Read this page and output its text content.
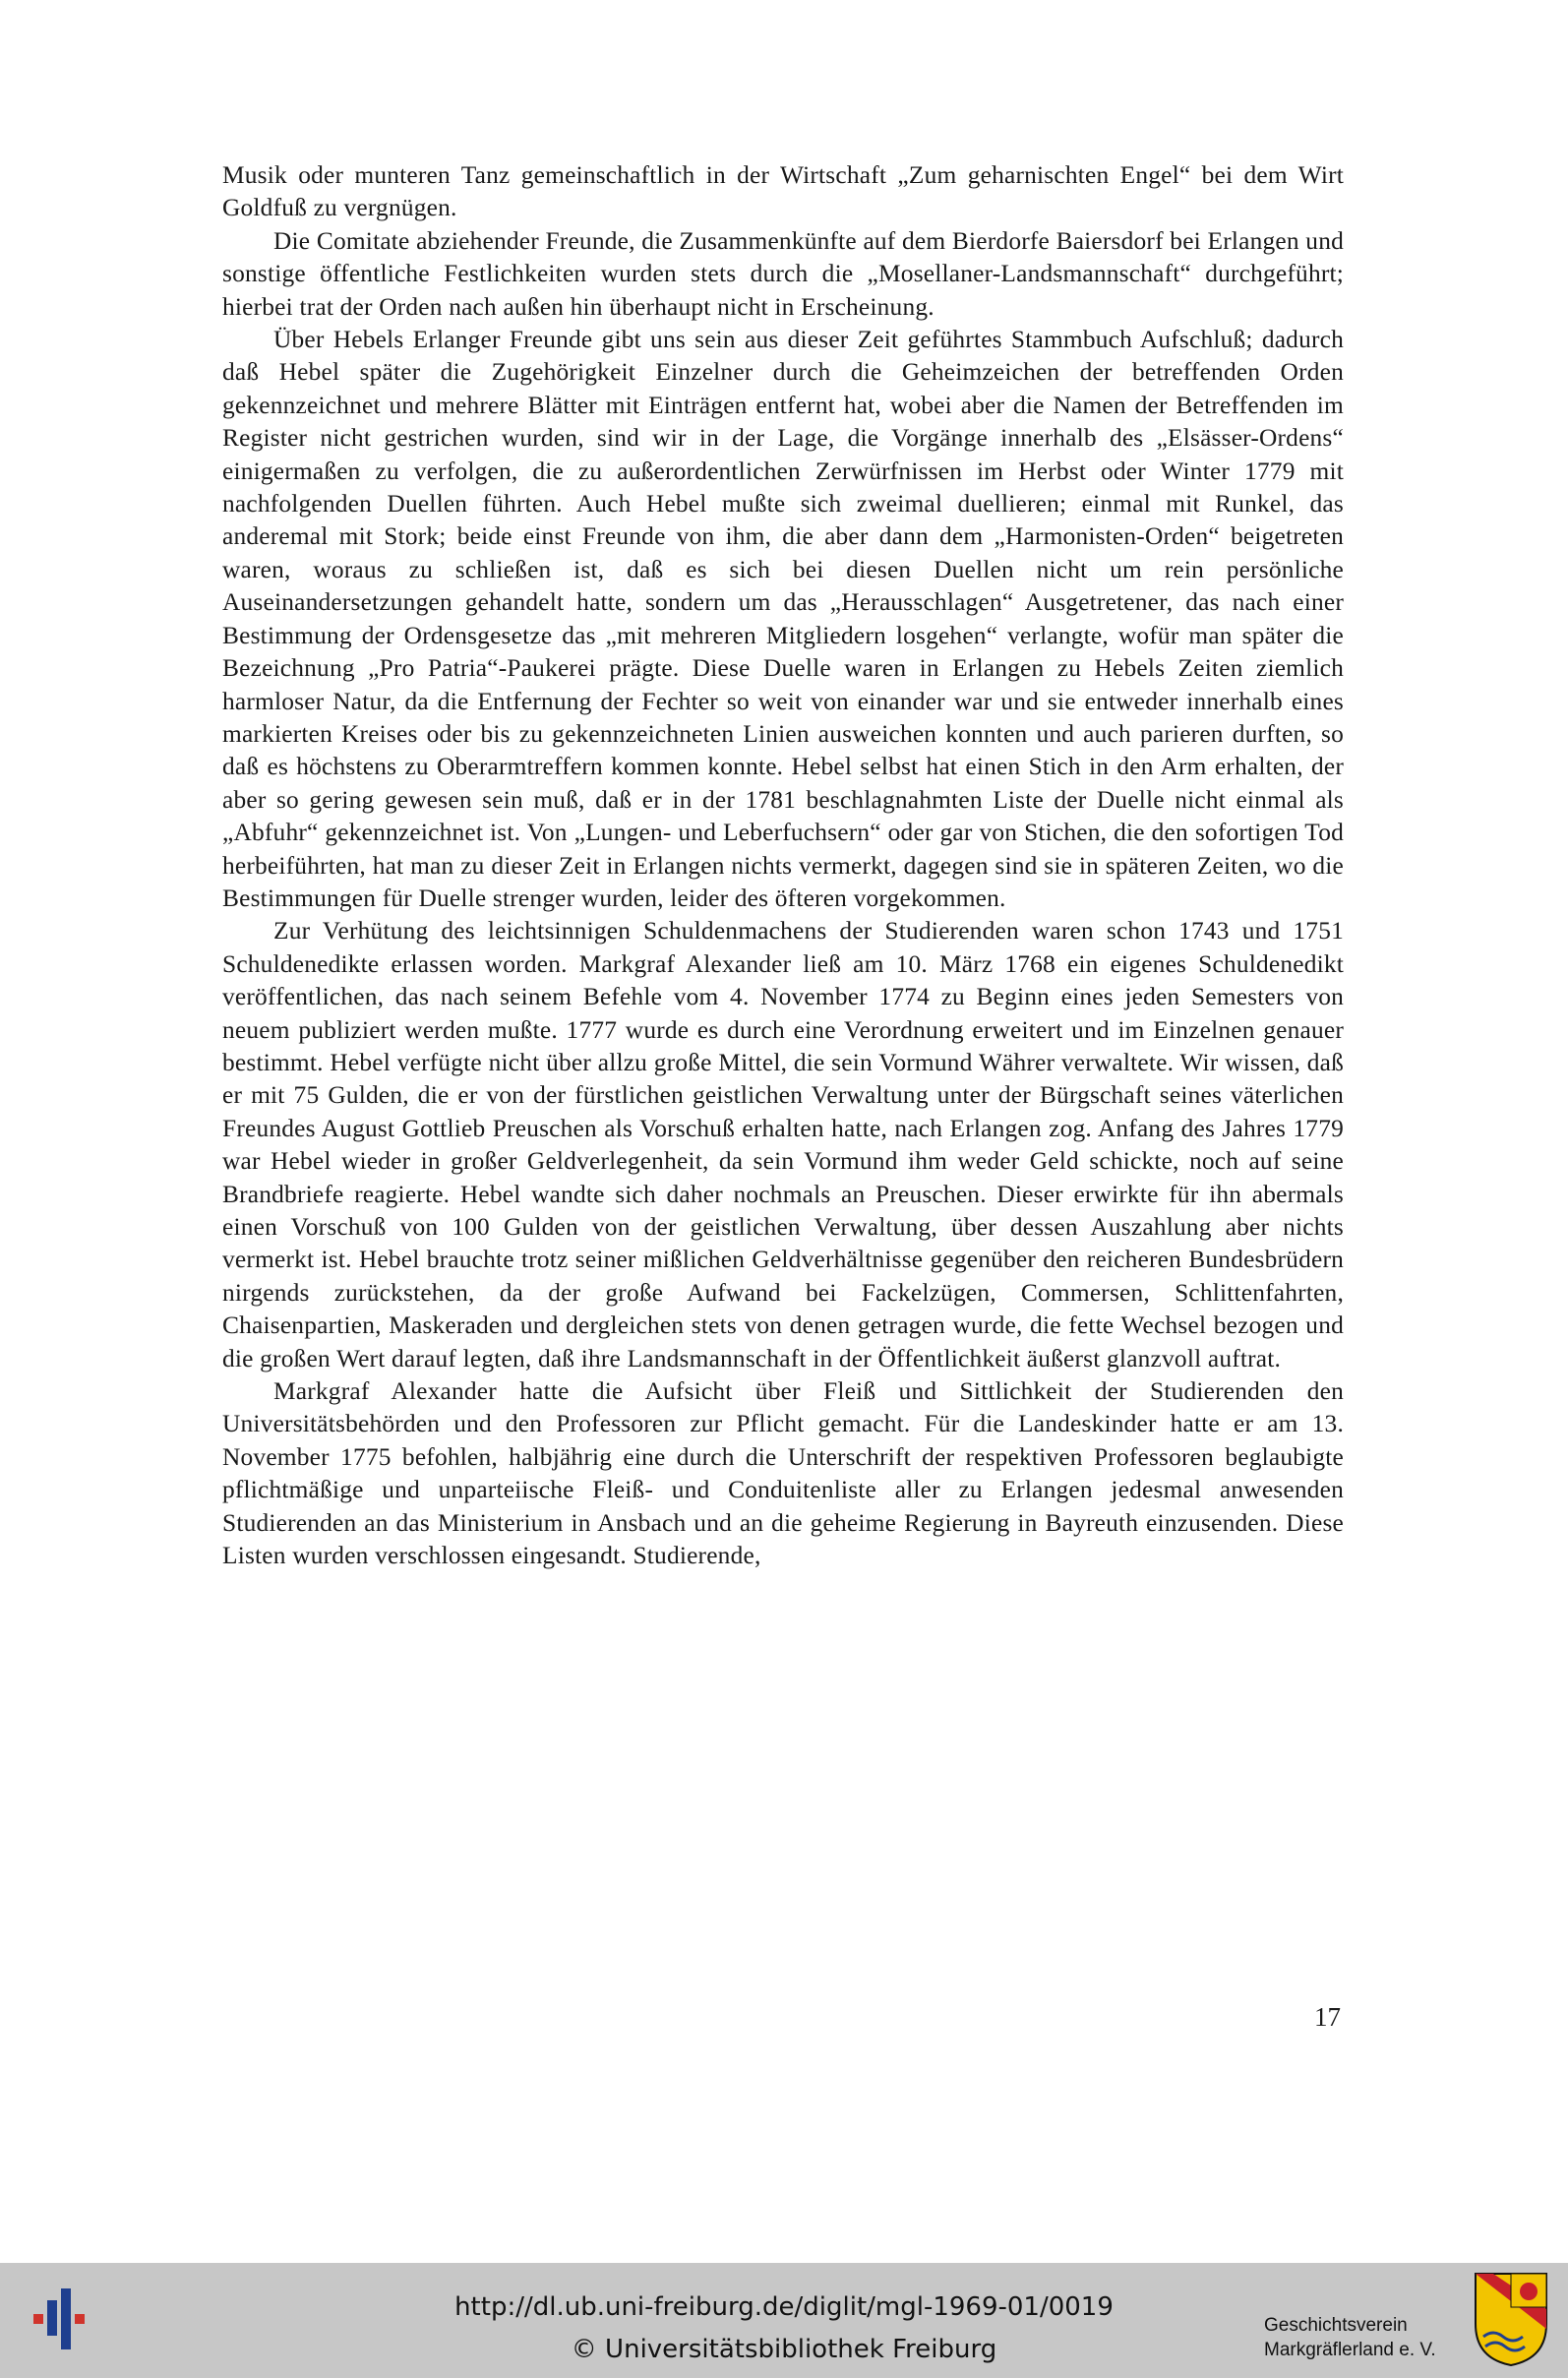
Musik oder munteren Tanz gemeinschaftlich in der Wirtschaft „Zum geharnischten Engel“ bei dem Wirt Goldfuß zu vergnügen.

Die Comitate abziehender Freunde, die Zusammenkünfte auf dem Bierdorfe Baiersdorf bei Erlangen und sonstige öffentliche Festlichkeiten wurden stets durch die „Mosellaner-Landsmannschaft“ durchgeführt; hierbei trat der Orden nach außen hin überhaupt nicht in Erscheinung.

Über Hebels Erlanger Freunde gibt uns sein aus dieser Zeit geführtes Stammbuch Aufschluß; dadurch daß Hebel später die Zugehörigkeit Einzelner durch die Geheimzeichen der betreffenden Orden gekennzeichnet und mehrere Blätter mit Einträgen entfernt hat, wobei aber die Namen der Betreffenden im Register nicht gestrichen wurden, sind wir in der Lage, die Vorgänge innerhalb des „Elsässer-Ordens“ einigermaßen zu verfolgen, die zu außerordentlichen Zerwürfnissen im Herbst oder Winter 1779 mit nachfolgenden Duellen führten. Auch Hebel mußte sich zweimal duellieren; einmal mit Runkel, das anderemal mit Stork; beide einst Freunde von ihm, die aber dann dem „Harmonisten-Orden“ beigetreten waren, woraus zu schließen ist, daß es sich bei diesen Duellen nicht um rein persönliche Auseinandersetzungen gehandelt hatte, sondern um das „Herausschlagen“ Ausgetretener, das nach einer Bestimmung der Ordensgesetze das „mit mehreren Mitgliedern losgehen“ verlangte, wofür man später die Bezeichnung „Pro Patria“-Paukerei prägte. Diese Duelle waren in Erlangen zu Hebels Zeiten ziemlich harmloser Natur, da die Entfernung der Fechter so weit von einander war und sie entweder innerhalb eines markierten Kreises oder bis zu gekennzeichneten Linien ausweichen konnten und auch parieren durften, so daß es höchstens zu Oberarmtreffern kommen konnte. Hebel selbst hat einen Stich in den Arm erhalten, der aber so gering gewesen sein muß, daß er in der 1781 beschlagnahmten Liste der Duelle nicht einmal als „Abfuhr“ gekennzeichnet ist. Von „Lungen- und Leberfuchsern“ oder gar von Stichen, die den sofortigen Tod herbeiführten, hat man zu dieser Zeit in Erlangen nichts vermerkt, dagegen sind sie in späteren Zeiten, wo die Bestimmungen für Duelle strenger wurden, leider des öfteren vorgekommen.

Zur Verhütung des leichtsinnigen Schuldenmachens der Studierenden waren schon 1743 und 1751 Schuldenedikte erlassen worden. Markgraf Alexander ließ am 10. März 1768 ein eigenes Schuldenedikt veröffentlichen, das nach seinem Befehle vom 4. November 1774 zu Beginn eines jeden Semesters von neuem publiziert werden mußte. 1777 wurde es durch eine Verordnung erweitert und im Einzelnen genauer bestimmt. Hebel verfügte nicht über allzu große Mittel, die sein Vormund Währer verwaltete. Wir wissen, daß er mit 75 Gulden, die er von der fürstlichen geistlichen Verwaltung unter der Bürgschaft seines väterlichen Freundes August Gottlieb Preuschen als Vorschuß erhalten hatte, nach Erlangen zog. Anfang des Jahres 1779 war Hebel wieder in großer Geldverlegenheit, da sein Vormund ihm weder Geld schickte, noch auf seine Brandbriefe reagierte. Hebel wandte sich daher nochmals an Preuschen. Dieser erwirkte für ihn abermals einen Vorschuß von 100 Gulden von der geistlichen Verwaltung, über dessen Auszahlung aber nichts vermerkt ist. Hebel brauchte trotz seiner mißlichen Geldverhältnisse gegenüber den reicheren Bundesbrüdern nirgends zurückstehen, da der große Aufwand bei Fackelzügen, Commersen, Schlittenfahrten, Chaisenpartien, Maskeraden und dergleichen stets von denen getragen wurde, die fette Wechsel bezogen und die großen Wert darauf legten, daß ihre Landsmannschaft in der Öffentlichkeit äußerst glanzvoll auftrat.

Markgraf Alexander hatte die Aufsicht über Fleiß und Sittlichkeit der Studierenden den Universitätsbehörden und den Professoren zur Pflicht gemacht. Für die Landeskinder hatte er am 13. November 1775 befohlen, halbjährig eine durch die Unterschrift der respektiven Professoren beglaubigte pflichtmäßige und unparteiische Fleiß- und Conduitenliste aller zu Erlangen jedesmal anwesenden Studierenden an das Ministerium in Ansbach und an die geheime Regierung in Bayreuth einzusenden. Diese Listen wurden verschlossen eingesandt. Studierende,

17
http://dl.ub.uni-freiburg.de/diglit/mgl-1969-01/0019
© Universitätsbibliothek Freiburg
Geschichtsverein
Markgräflerland e. V.
